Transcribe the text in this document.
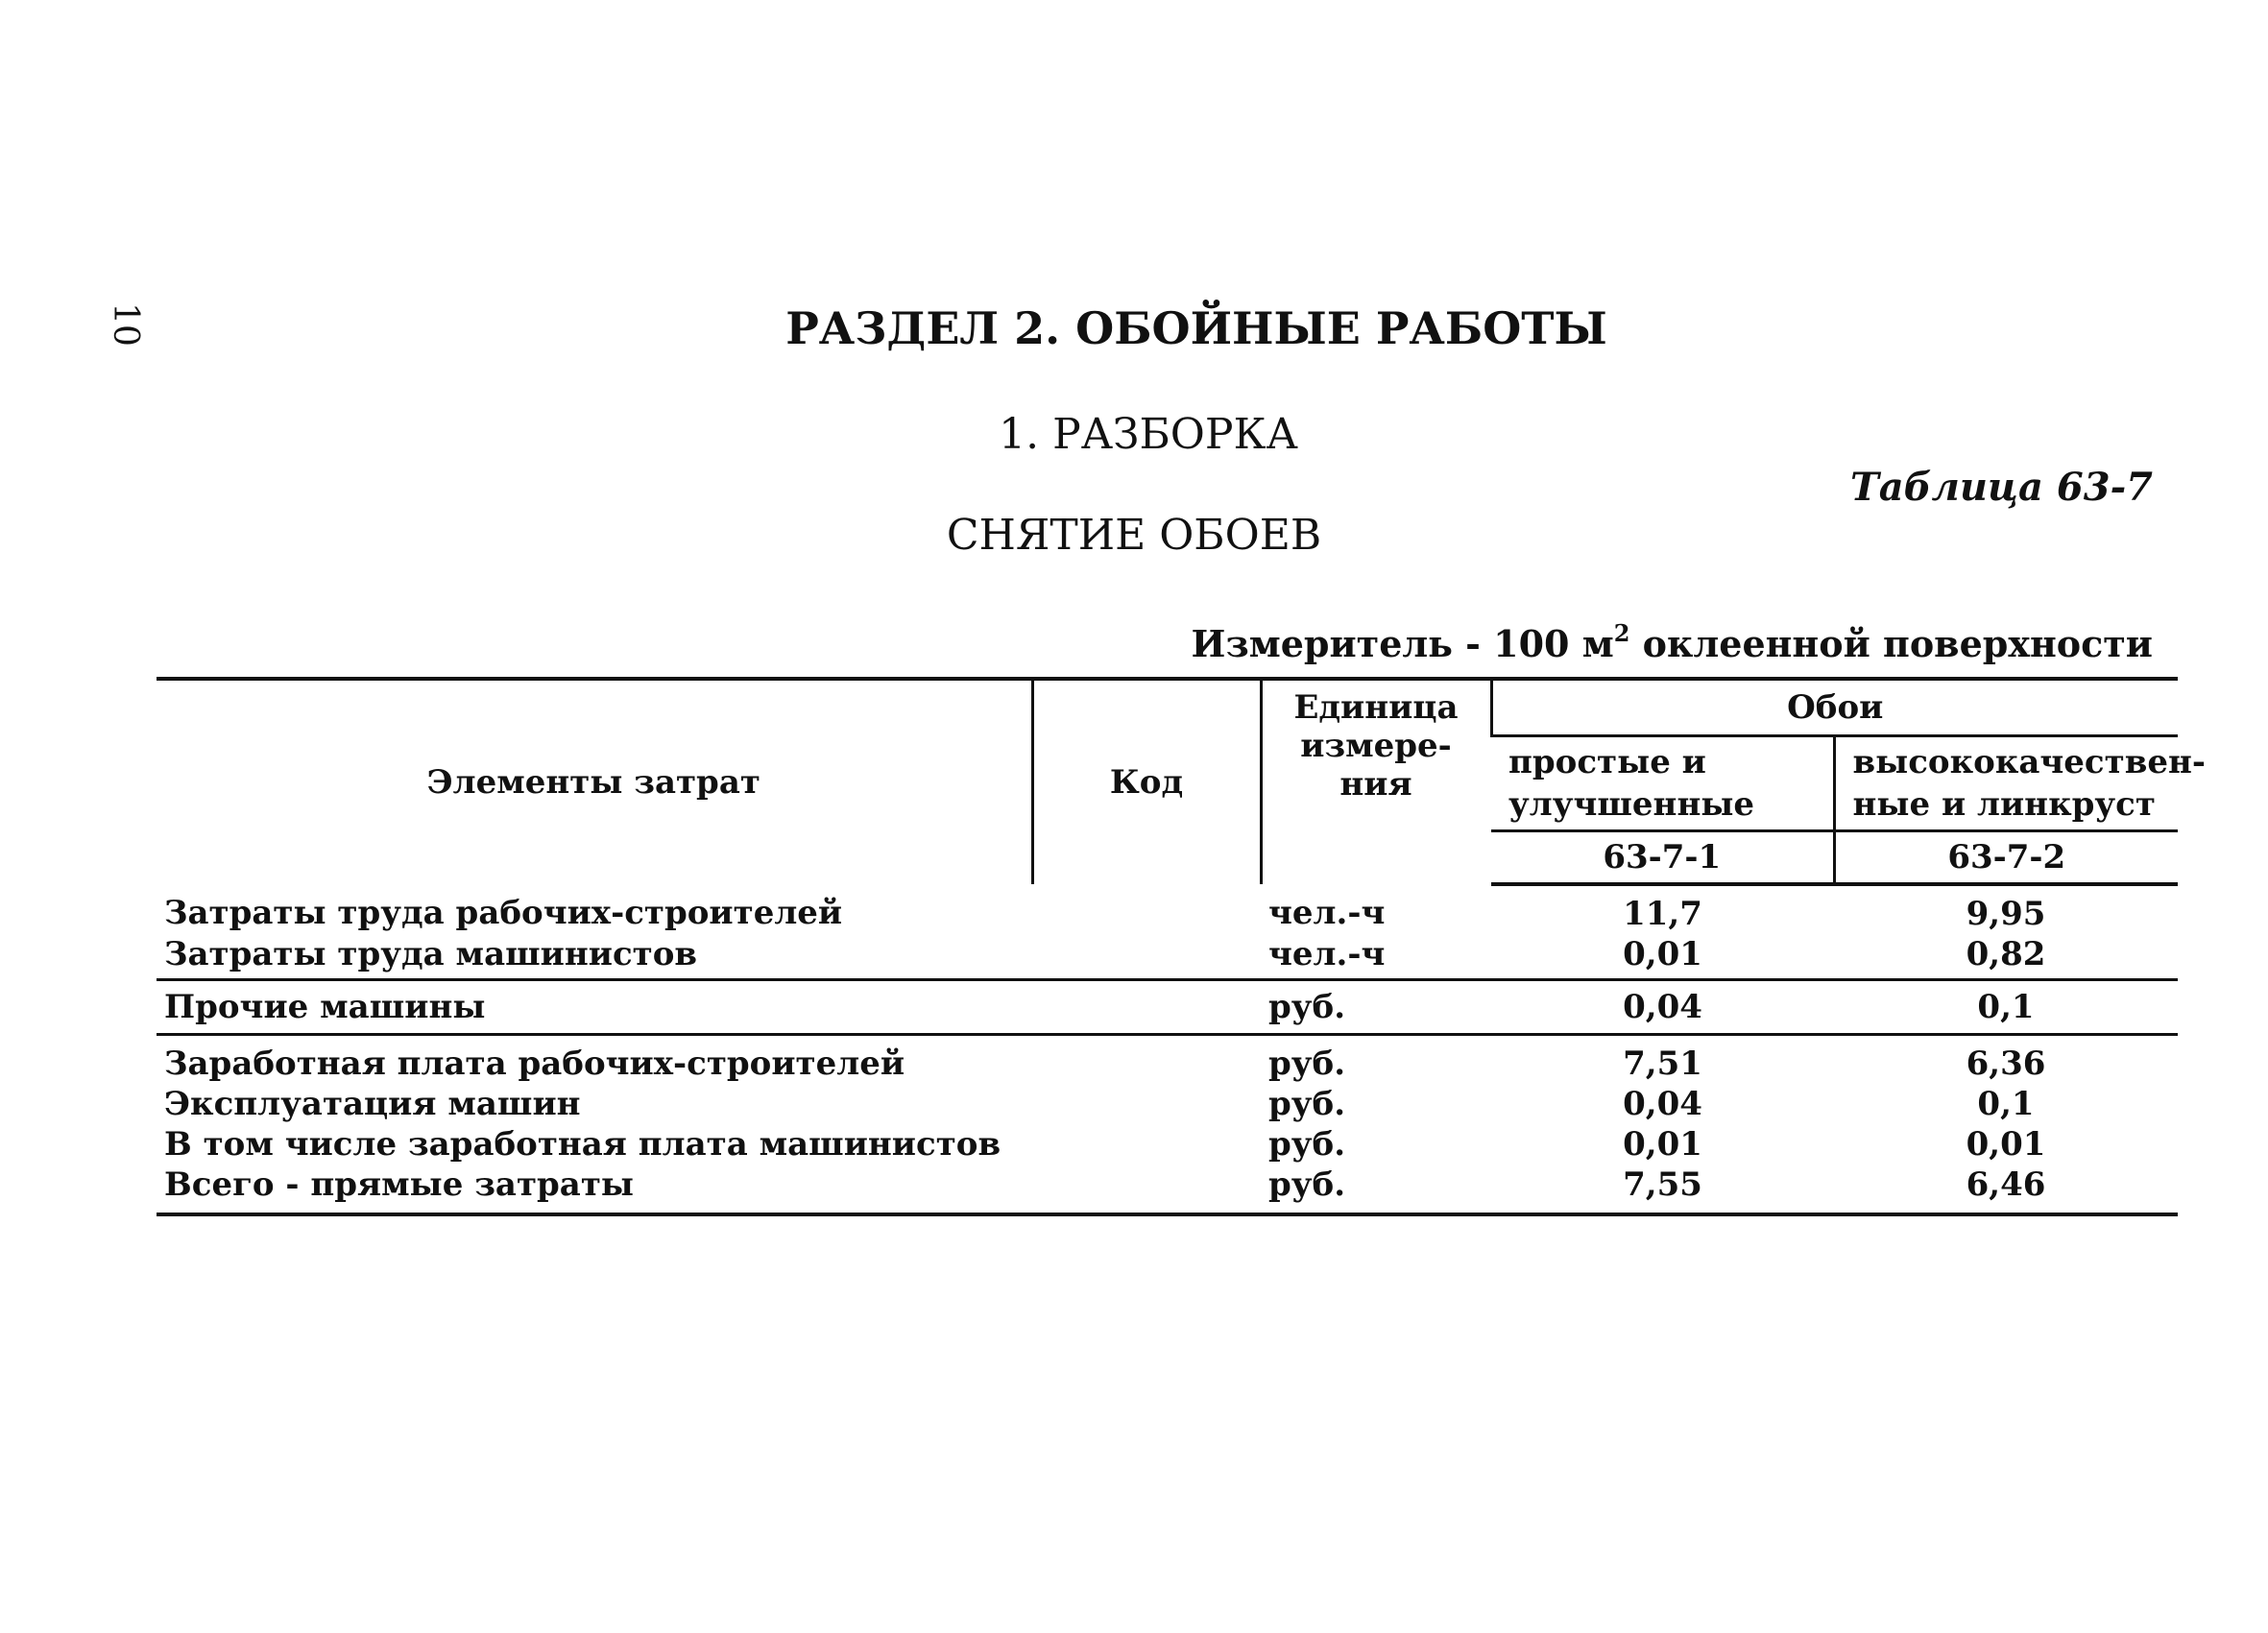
10	РАЗДЕЛ 2. ОБОЙНЫЕ РАБОТЫ
1. РАЗБОРКА
Таблица 63-7
СНЯТИЕ ОБОЕВ
Измеритель - 100 $м^2$ оклеенной поверхности
Элементы затрат	Код	Единица измере- ния	Обои	
			простые и улучшенные	высококачествен- ные и линкруст
			63-7-1	63-7-2
Затраты труда рабочих-строителей		чел.-ч	11,7	9,95
Затраты труда машинистов		чел.-ч	0,01	0,82
Прочие машины		руб.	0,04	0,1
Заработная плата рабочих-строителей		руб.	7,51	6,36
Эксплуатация машин		руб.	0,04	0,1
В том числе заработная плата машинистов		руб.	0,01	0,01
Всего - прямые затраты		руб.	7,55	6,46
